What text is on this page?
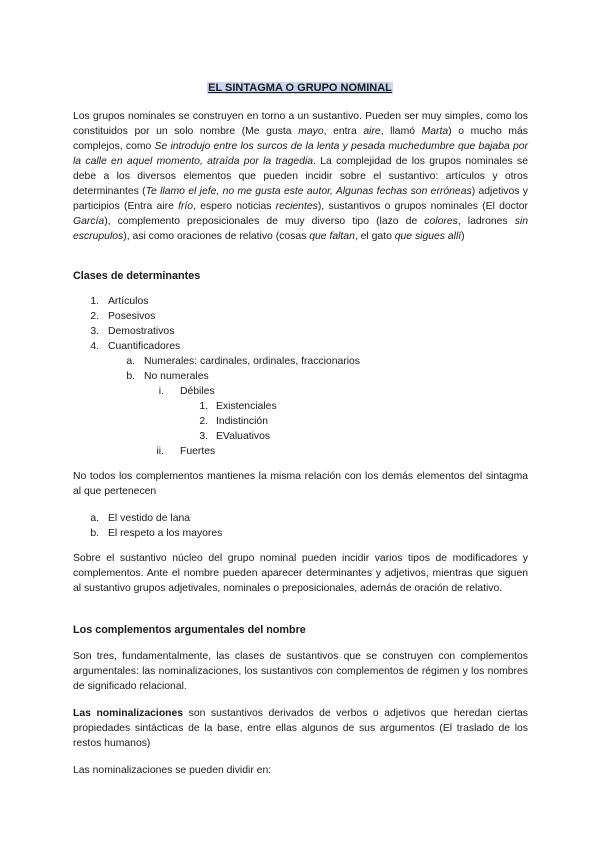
EL SINTAGMA O GRUPO NOMINAL

Los grupos nominales se construyen en torno a un sustantivo. Pueden ser muy simples, como los constituidos por un solo nombre (Me gusta mayo, entra aire, llamó Marta) o mucho más complejos, como Se introdujo entre los surcos de la lenta y pesada muchedumbre que bajaba por la calle en aquel momento, atraída por la tragedia. La complejidad de los grupos nominales se debe a los diversos elementos que pueden incidir sobre el sustantivo: artículos y otros determinantes (Te llamo el jefe, no me gusta este autor, Algunas fechas son erróneas) adjetivos y participios (Entra aire frío, espero noticias recientes), sustantivos o grupos nominales (El doctor García), complemento preposicionales de muy diverso tipo (lazo de colores, ladrones sin escrupulos), asi como oraciones de relativo (cosas que faltan, el gato que sigues allí)

Clases de determinantes

1. Artículos
2. Posesivos
3. Demostrativos
4. Cuantificadores
a. Numerales: cardinales, ordinales, fraccionarios
b. No numerales
i. Débiles
1. Existenciales
2. Indistinción
3. EValuativos
ii. Fuertes

No todos los complementos mantienes la misma relación con los demás elementos del sintagma al que pertenecen

a. El vestido de lana
b. El respeto a los mayores

Sobre el sustantivo núcleo del grupo nominal pueden incidir varios tipos de modificadores y complementos. Ante el nombre pueden aparecer determinantes y adjetivos, mientras que siguen al sustantivo grupos adjetivales, nominales o preposicionales, además de oración de relativo.

Los complementos argumentales del nombre

Son tres, fundamentalmente, las clases de sustantivos que se construyen con complementos argumentales: las nominalizaciones, los sustantivos con complementos de régimen y los nombres de significado relacional.

Las nominalizaciones son sustantivos derivados de verbos o adjetivos que heredan ciertas propiedades sintácticas de la base, entre ellas algunos de sus argumentos (El traslado de los restos humanos)

Las nominalizaciones se pueden dividir en:
